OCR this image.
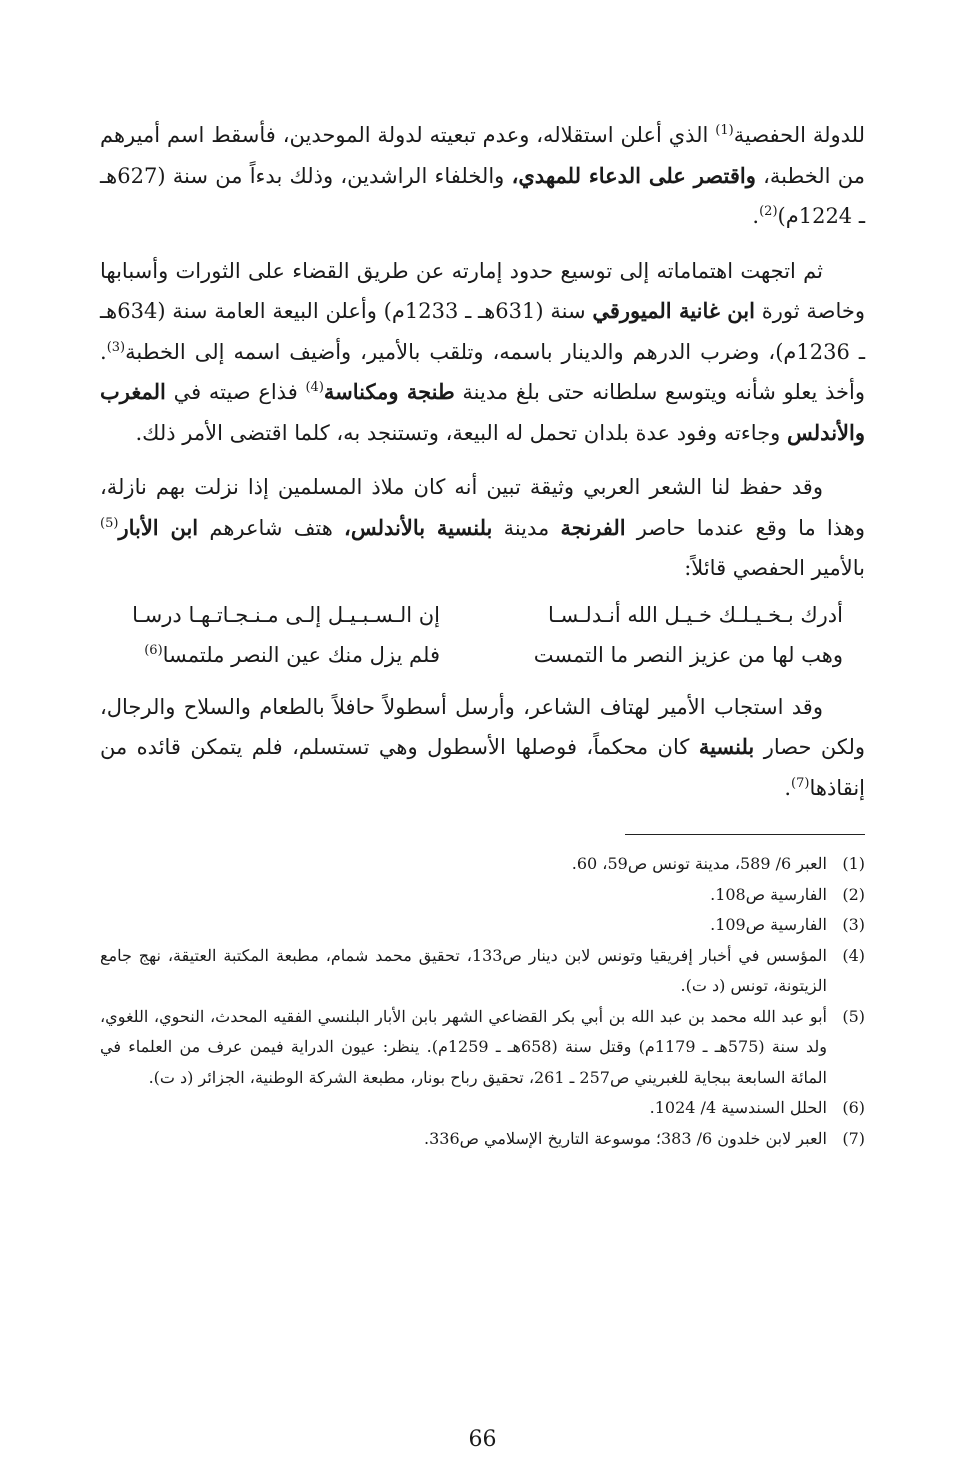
للدولة الحفصية$^{(1)}$ الذي أعلن استقلاله، وعدم تبعيته لدولة الموحدين، فأسقط اسم أميرهم من الخطبة، واقتصر على الدعاء للمهدي، والخلفاء الراشدين، وذلك بدءاً من سنة (627هـ ـ 1224م)$^{(2)}$.

ثم اتجهت اهتماماته إلى توسيع حدود إمارته عن طريق القضاء على الثورات وأسبابها وخاصة ثورة ابن غانية الميورقي سنة (631هـ ـ 1233م) وأعلن البيعة العامة سنة (634هـ ـ 1236م)، وضرب الدرهم والدينار باسمه، وتلقب بالأمير، وأضيف اسمه إلى الخطبة$^{(3)}$. وأخذ يعلو شأنه ويتوسع سلطانه حتى بلغ مدينة طنجة ومكناسة$^{(4)}$ فذاع صيته في المغرب والأندلس وجاءته وفود عدة بلدان تحمل له البيعة، وتستنجد به، كلما اقتضى الأمر ذلك.

وقد حفظ لنا الشعر العربي وثيقة تبين أنه كان ملاذ المسلمين إذا نزلت بهم نازلة، وهذا ما وقع عندما حاصر الفرنجة مدينة بلنسية بالأندلس، هتف شاعرهم ابن الأبار$^{(5)}$ بالأمير الحفصي قائلاً:

أدرك بـخـيـلـك خـيـل الله أنـدلـسـا
إن الـسـبـيـل إلـى مـنـجـاتـهـا درسـا
وهب لها من عزيز النصر ما التمست
فلم يزل منك عين النصر ملتمسا$^{(6)}$

وقد استجاب الأمير لهتاف الشاعر، وأرسل أسطولاً حافلاً بالطعام والسلاح والرجال، ولكن حصار بلنسية كان محكماً، فوصلها الأسطول وهي تستسلم، فلم يتمكن قائده من إنقاذها$^{(7)}$.

(1)
العبر 6/ 589، مدينة تونس ص59، 60.
(2)
الفارسية ص108.
(3)
الفارسية ص109.
(4)
المؤسس في أخبار إفريقيا وتونس لابن دينار ص133، تحقيق محمد شمام، مطبعة المكتبة العتيقة، نهج جامع الزيتونة، تونس (د ت).
(5)
أبو عبد الله محمد بن عبد الله بن أبي بكر القضاعي الشهر بابن الأبار البلنسي الفقيه المحدث، النحوي، اللغوي، ولد سنة (575هـ ـ 1179م) وقتل سنة (658هـ ـ 1259م). ينظر: عيون الدراية فيمن عرف من العلماء في المائة السابعة ببجاية للغبريني ص257 ـ 261، تحقيق رباح بونار، مطبعة الشركة الوطنية، الجزائر (د ت).
(6)
الحلل السندسية 4/ 1024.
(7)
العبر لابن خلدون 6/ 383؛ موسوعة التاريخ الإسلامي ص336.
66
